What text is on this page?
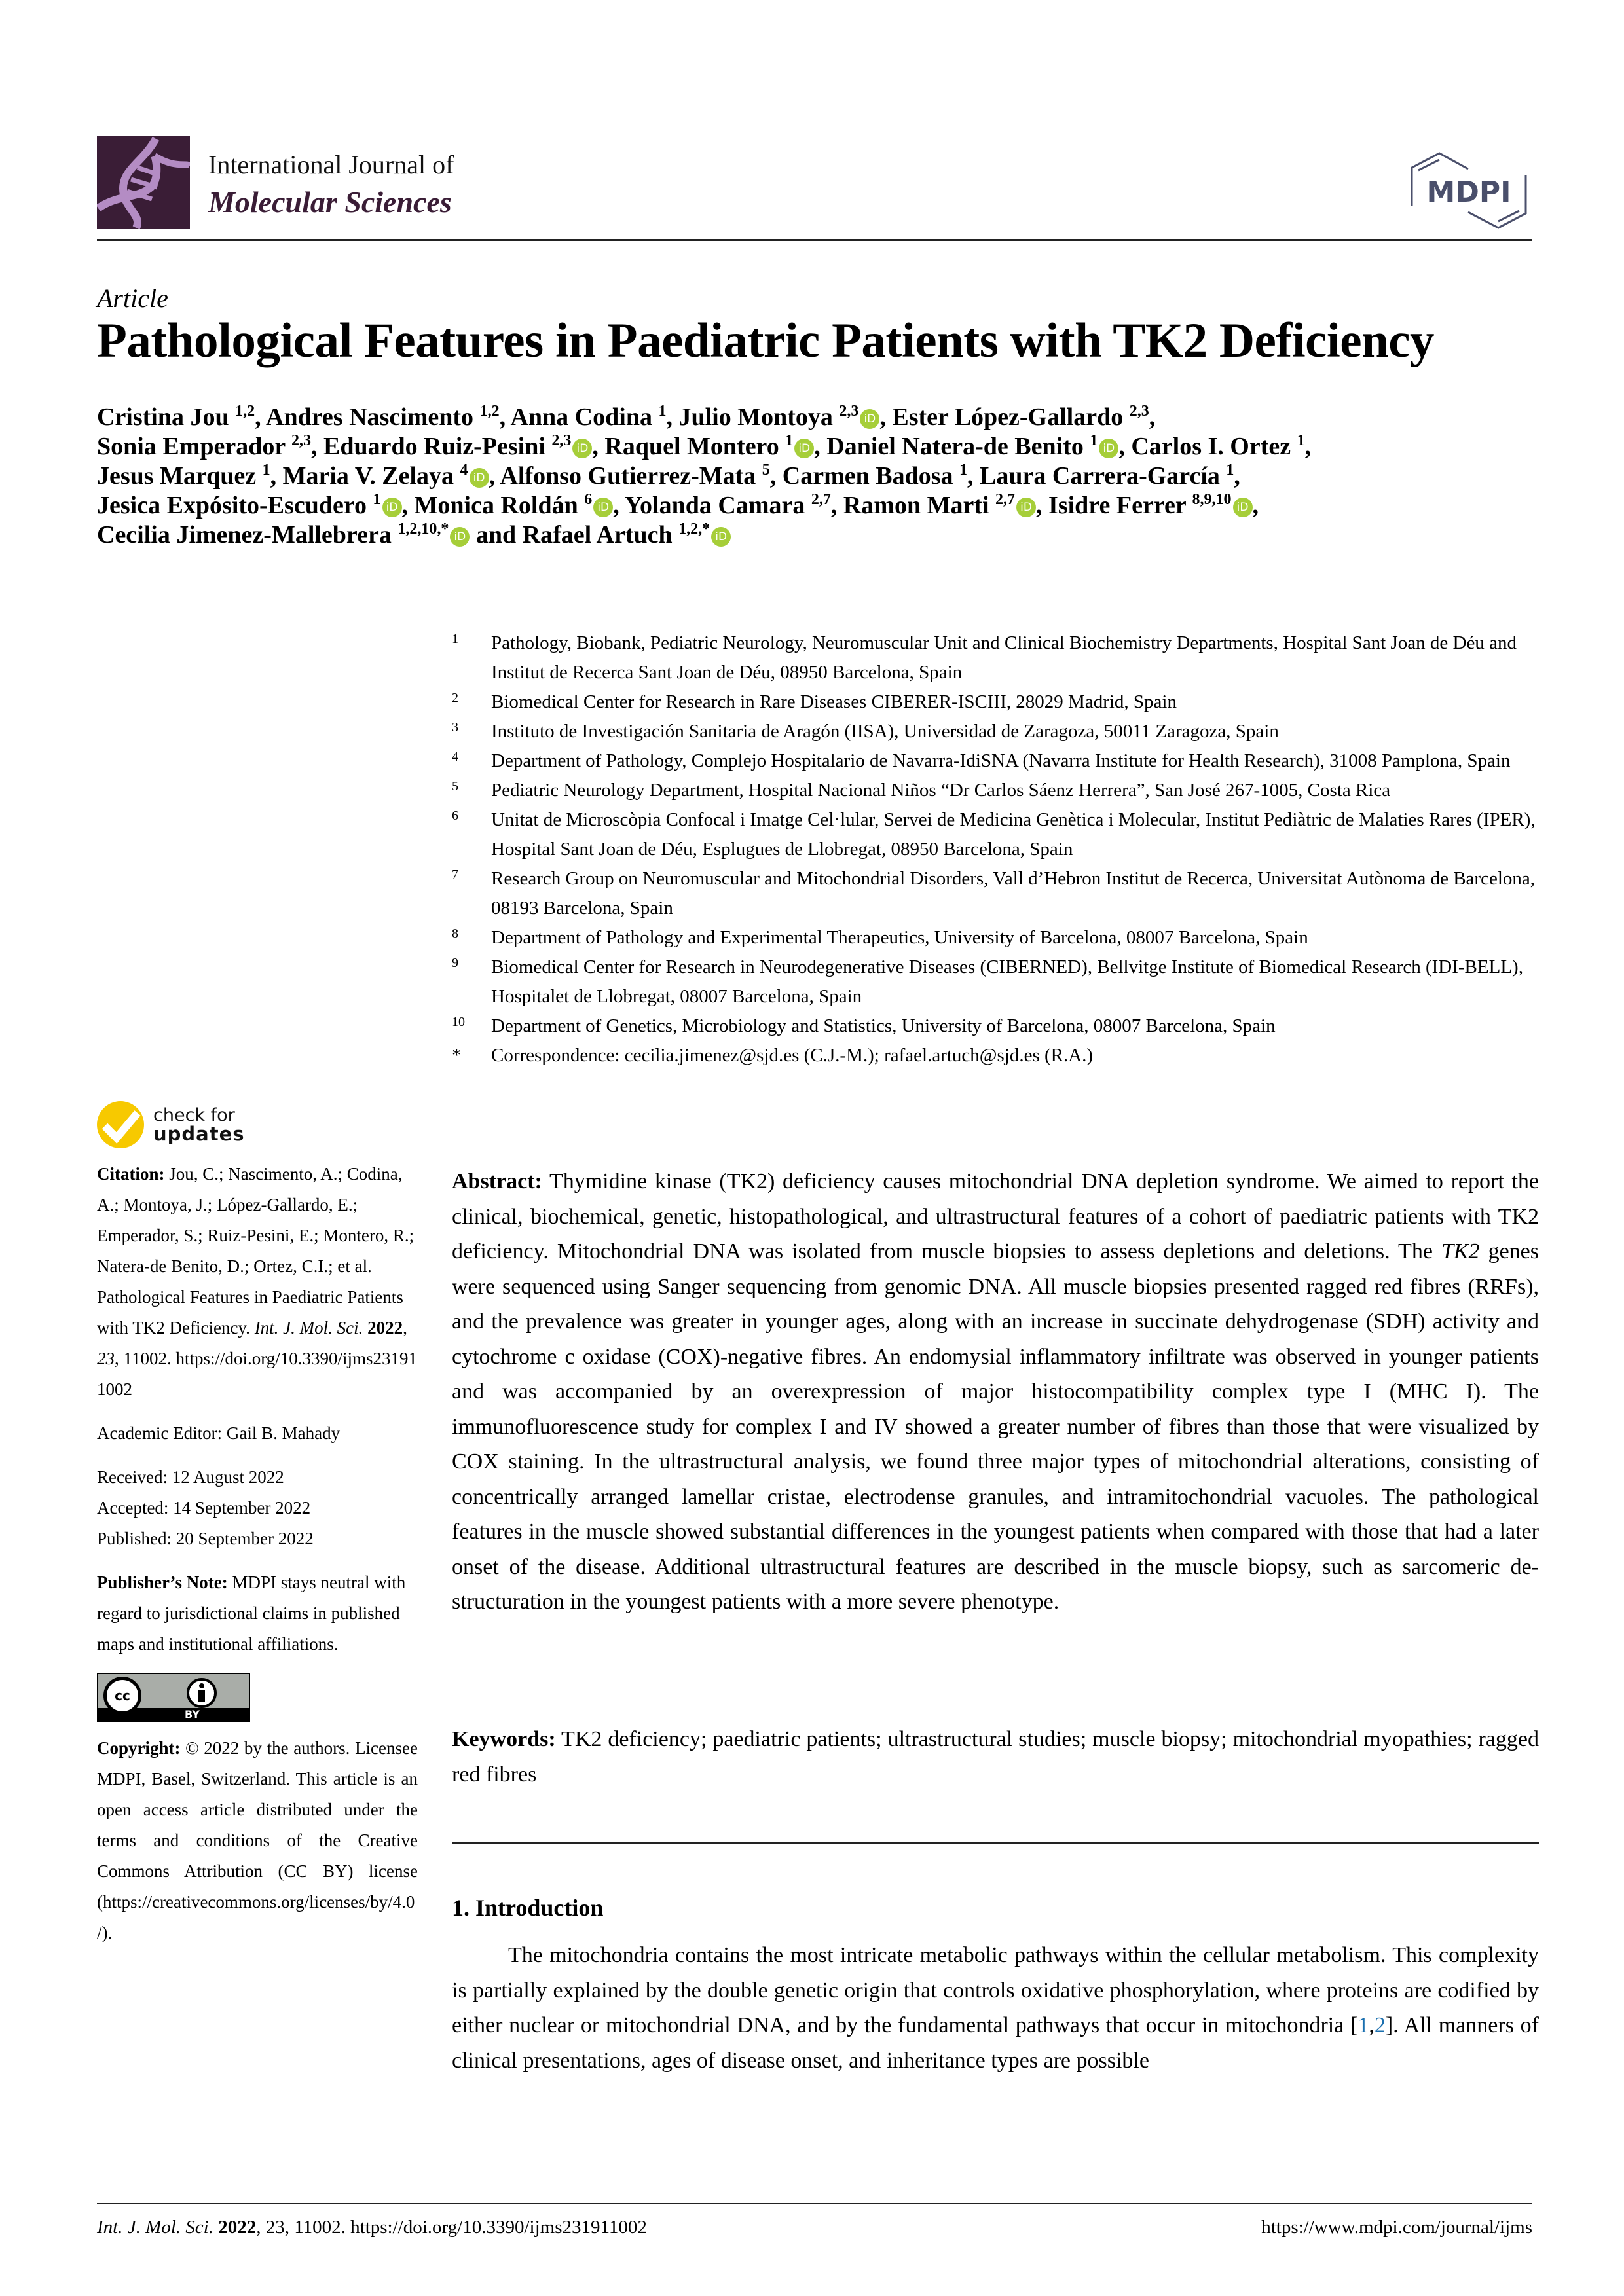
International Journal of
Molecular Sciences	MDPI
Article
Pathological Features in Paediatric Patients with TK2 Deficiency
Cristina Jou $^{1,2}$, Andres Nascimento $^{1,2}$, Anna Codina $^1$, Julio Montoya $^{2,3}$ iD , Ester López-Gallardo $^{2,3}$,
Sonia Emperador $^{2,3}$, Eduardo Ruiz-Pesini $^{2,3}$ iD , Raquel Montero $^1$ iD , Daniel Natera-de Benito $^1$ iD , Carlos I. Ortez $^1$,
Jesus Marquez $^1$, Maria V. Zelaya $^4$ iD , Alfonso Gutierrez-Mata $^5$, Carmen Badosa $^1$, Laura Carrera-García $^1$,
Jesica Expósito-Escudero $^1$ iD , Monica Roldán $^6$ iD , Yolanda Camara $^{2,7}$, Ramon Marti $^{2,7}$ iD , Isidre Ferrer $^{8,9,10}$ iD ,
Cecilia Jimenez-Mallebrera $^{1,2,10,*}$ iD and Rafael Artuch $^{1,2,*}$ iD
1 Pathology, Biobank, Pediatric Neurology, Neuromuscular Unit and Clinical Biochemistry Departments, Hospital Sant Joan de Déu and Institut de Recerca Sant Joan de Déu, 08950 Barcelona, Spain
2 Biomedical Center for Research in Rare Diseases CIBERER-ISCIII, 28029 Madrid, Spain
3 Instituto de Investigación Sanitaria de Aragón (IISA), Universidad de Zaragoza, 50011 Zaragoza, Spain
4 Department of Pathology, Complejo Hospitalario de Navarra-IdiSNA (Navarra Institute for Health Research), 31008 Pamplona, Spain
5 Pediatric Neurology Department, Hospital Nacional Niños “Dr Carlos Sáenz Herrera”, San José 267-1005, Costa Rica
6 Unitat de Microscòpia Confocal i Imatge Cel·lular, Servei de Medicina Genètica i Molecular, Institut Pediàtric de Malaties Rares (IPER), Hospital Sant Joan de Déu, Esplugues de Llobregat, 08950 Barcelona, Spain
7 Research Group on Neuromuscular and Mitochondrial Disorders, Vall d’Hebron Institut de Recerca, Universitat Autònoma de Barcelona, 08193 Barcelona, Spain
8 Department of Pathology and Experimental Therapeutics, University of Barcelona, 08007 Barcelona, Spain
9 Biomedical Center for Research in Neurodegenerative Diseases (CIBERNED), Bellvitge Institute of Biomedical Research (IDI-BELL), Hospitalet de Llobregat, 08007 Barcelona, Spain
10 Department of Genetics, Microbiology and Statistics, University of Barcelona, 08007 Barcelona, Spain
* Correspondence: cecilia.jimenez@sjd.es (C.J.-M.); rafael.artuch@sjd.es (R.A.)
check for
updates
Citation: Jou, C.; Nascimento, A.; Codina, A.; Montoya, J.; López-Gallardo, E.; Emperador, S.; Ruiz-Pesini, E.; Montero, R.; Natera-de Benito, D.; Ortez, C.I.; et al. Pathological Features in Paediatric Patients with TK2 Deficiency. Int. J. Mol. Sci. 2022, 23, 11002. https://doi.org/10.3390/ijms231911002
Academic Editor: Gail B. Mahady
Received: 12 August 2022
Accepted: 14 September 2022
Published: 20 September 2022
Publisher’s Note: MDPI stays neutral with regard to jurisdictional claims in published maps and institutional affiliations.
cc
BY
Copyright: © 2022 by the authors. Licensee MDPI, Basel, Switzerland. This article is an open access article distributed under the terms and conditions of the Creative Commons Attribution (CC BY) license (https://creativecommons.org/licenses/by/4.0/).
Abstract: Thymidine kinase (TK2) deficiency causes mitochondrial DNA depletion syndrome. We aimed to report the clinical, biochemical, genetic, histopathological, and ultrastructural features of a cohort of paediatric patients with TK2 deficiency. Mitochondrial DNA was isolated from muscle biopsies to assess depletions and deletions. The TK2 genes were sequenced using Sanger sequencing from genomic DNA. All muscle biopsies presented ragged red fibres (RRFs), and the prevalence was greater in younger ages, along with an increase in succinate dehydrogenase (SDH) activity and cytochrome c oxidase (COX)-negative fibres. An endomysial inflammatory infiltrate was observed in younger patients and was accompanied by an overexpression of major histocompatibility complex type I (MHC I). The immunofluorescence study for complex I and IV showed a greater number of fibres than those that were visualized by COX staining. In the ultrastructural analysis, we found three major types of mitochondrial alterations, consisting of concentrically arranged lamellar cristae, electrodense granules, and intramitochondrial vacuoles. The pathological features in the muscle showed substantial differences in the youngest patients when compared with those that had a later onset of the disease. Additional ultrastructural features are described in the muscle biopsy, such as sarcomeric de-structuration in the youngest patients with a more severe phenotype.
Keywords: TK2 deficiency; paediatric patients; ultrastructural studies; muscle biopsy; mitochondrial myopathies; ragged red fibres
1. Introduction
The mitochondria contains the most intricate metabolic pathways within the cellular metabolism. This complexity is partially explained by the double genetic origin that controls oxidative phosphorylation, where proteins are codified by either nuclear or mitochondrial DNA, and by the fundamental pathways that occur in mitochondria [1,2]. All manners of clinical presentations, ages of disease onset, and inheritance types are possible
Int. J. Mol. Sci. 2022, 23, 11002. https://doi.org/10.3390/ijms231911002	https://www.mdpi.com/journal/ijms
